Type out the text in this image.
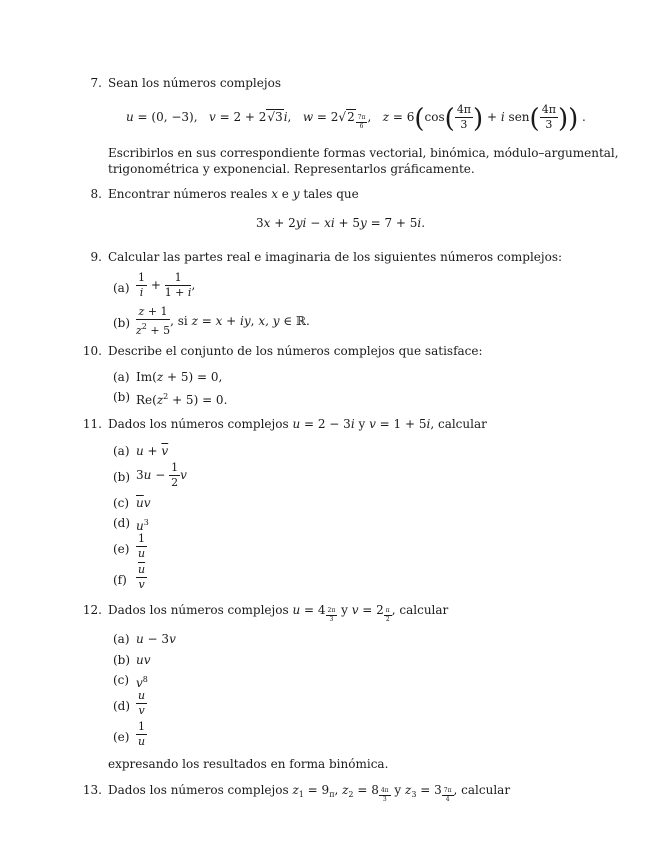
7. Sean los números complejos
u = (0, −3),   v = 2 + 2√3i,   w = 2√2 $_{\frac{7\pi}{6}}$ ,   $z = 6(\cos( \frac{4\pi}{3}$ ) + i $sen( \frac{4\pi}{3}$ )) .
Escribirlos en sus correspondiente formas vectorial, binómica, módulo–argumental,
trigonométrica y exponencial. Representarlos gráficamente.
8. Encontrar números reales x e y tales que
3x + 2yi − xi + 5y = 7 + 5i.
9. Calcular las partes real e imaginaria de los siguientes números complejos:
$(a) \frac{1}{i} + \frac{1}{1 + i}$ ,
$(b) \frac{z + 1}{z^2 + 5}$ , si z = x + iy, x, y ∈ ℝ.
10. Describe el conjunto de los números complejos que satisface:
(a) Im(z + 5) = 0,
(b) $Re(z^2 + 5) = 0$.
11. Dados los números complejos u = 2 − 3i y v = 1 + 5i, calcular
(a) $u + \overline{v}$
(b) $3u - \frac{1}{2}$ v
(c) $\overline{u}v$
(d) $u^3$
$(e) \frac{1}{u}$
$(f) \frac{\overline{u}}{v}$
12. Dados los números complejos u = 4 $_{\frac{2\pi}{3}}$ y v = 2 $_{\frac{\pi}{2}}$ , calcular
(a) u − 3v
(b) uv
(c) $v^8$
$(d) \frac{u}{v}$
$(e) \frac{1}{u}$
expresando los resultados en forma binómica.
13. Dados los números complejos $z_1 = 9_\pi$, $z_2 = 8$ $_{\frac{4\pi}{3}}$ y $z_3 = 3$ $_{\frac{7\pi}{4}}$ , calcular
